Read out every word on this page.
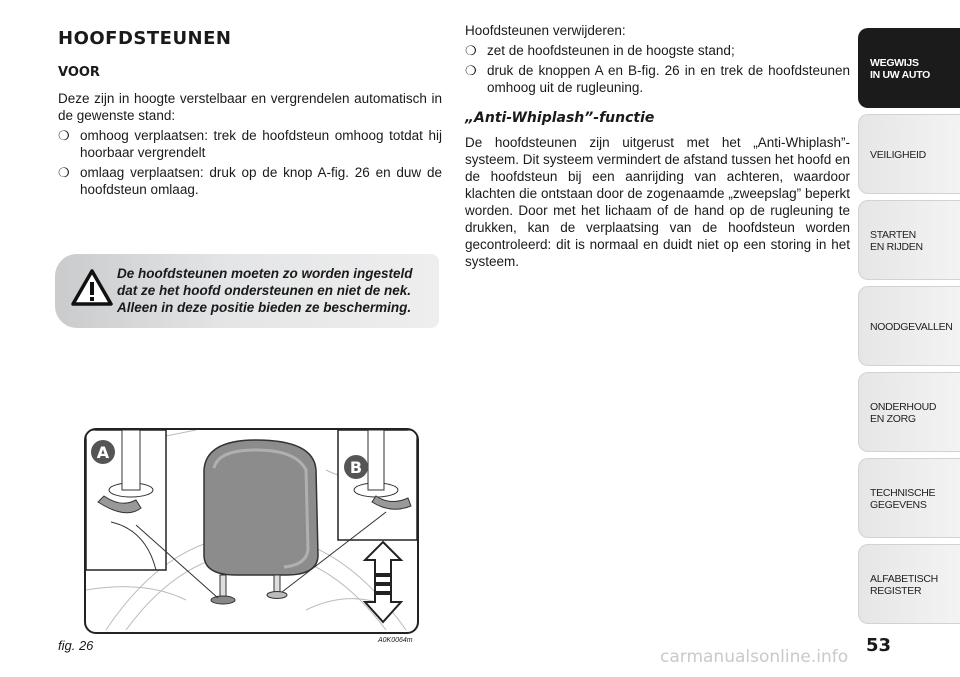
HOOFDSTEUNEN
VOOR

Deze zijn in hoogte verstelbaar en vergrendelen automatisch in de gewenste stand:

❍ omhoog verplaatsen: trek de hoofdsteun omhoog totdat hij hoorbaar vergrendelt
❍ omlaag verplaatsen: druk op de knop A-fig. 26 en duw de hoofdsteun omlaag.
De hoofdsteunen moeten zo worden ingesteld dat ze het hoofd ondersteunen en niet de nek. Alleen in deze positie bieden ze bescherming.
A
B
fig. 26	A0K0064m

Hoofdsteunen verwijderen:

❍ zet de hoofdsteunen in de hoogste stand;
❍ druk de knoppen A en B-fig. 26 in en trek de hoofdsteunen omhoog uit de rugleuning.
„Anti-Whiplash”-functie

De hoofdsteunen zijn uitgerust met het „Anti-Whiplash”-systeem. Dit systeem vermindert de afstand tussen het hoofd en de hoofdsteun bij een aanrijding van achteren, waardoor klachten die ontstaan door de zogenaamde „zweepslag” beperkt worden. Door met het lichaam of de hand op de rugleuning te drukken, kan de verplaatsing van de hoofdsteun worden gecontroleerd: dit is normaal en duidt niet op een storing in het systeem.

WEGWIJS
IN UW AUTO
VEILIGHEID
STARTEN
EN RIJDEN
NOODGEVALLEN
ONDERHOUD
EN ZORG
TECHNISCHE
GEGEVENS
ALFABETISCH
REGISTER
53
carmanualsonline.info
